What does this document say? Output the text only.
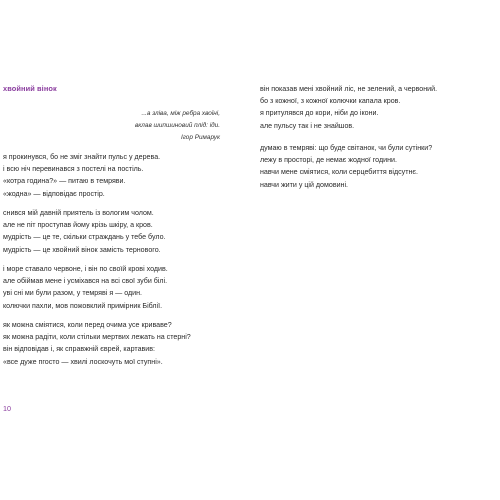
хвойний вінок
...а зліва, між ребра хвоїні,
вклав шипшиновий плід: іди.
Ігор Римарук
я прокинувся, бо не зміг знайти пульс у дерева.
і всю ніч перевинався з постелі на постіль.
«котра година?» — питаю в темряви.
«жодна» — відповідає простір.
снився мій давній приятель із вологим чолом.
але не піт проступав йому крізь шкіру, а кров.
мудрість — це те, скільки страждань у тебе було.
мудрість — це хвойний вінок замість тернового.
і море ставало червоне, і він по своїй крові ходив.
але обіймав мене і усміхався на всі свої зуби білі.
уві сні ми були разом, у темряві я — один.
колючки пахли, мов пожовклий примірник Біблії.
як можна сміятися, коли перед очима усе криваве?
як можна радіти, коли стільки мертвих лежать на стерні?
він відповідав і, як справжній єврей, картавив:
«все дуже пгосто — хвилі лоскочуть мої ступні».
він показав мені хвойний ліс, не зелений, а червоний.
бо з кожної, з кожної колючки капала кров.
я притулявся до кори, ніби до ікони.
але пульсу так і не знайшов.
думаю в темряві: що буде світанок, чи були сутінки?
лежу в просторі, де немає жодної години.
навчи мене сміятися, коли серцебиття відсутнє.
навчи жити у цій домовині.
10
